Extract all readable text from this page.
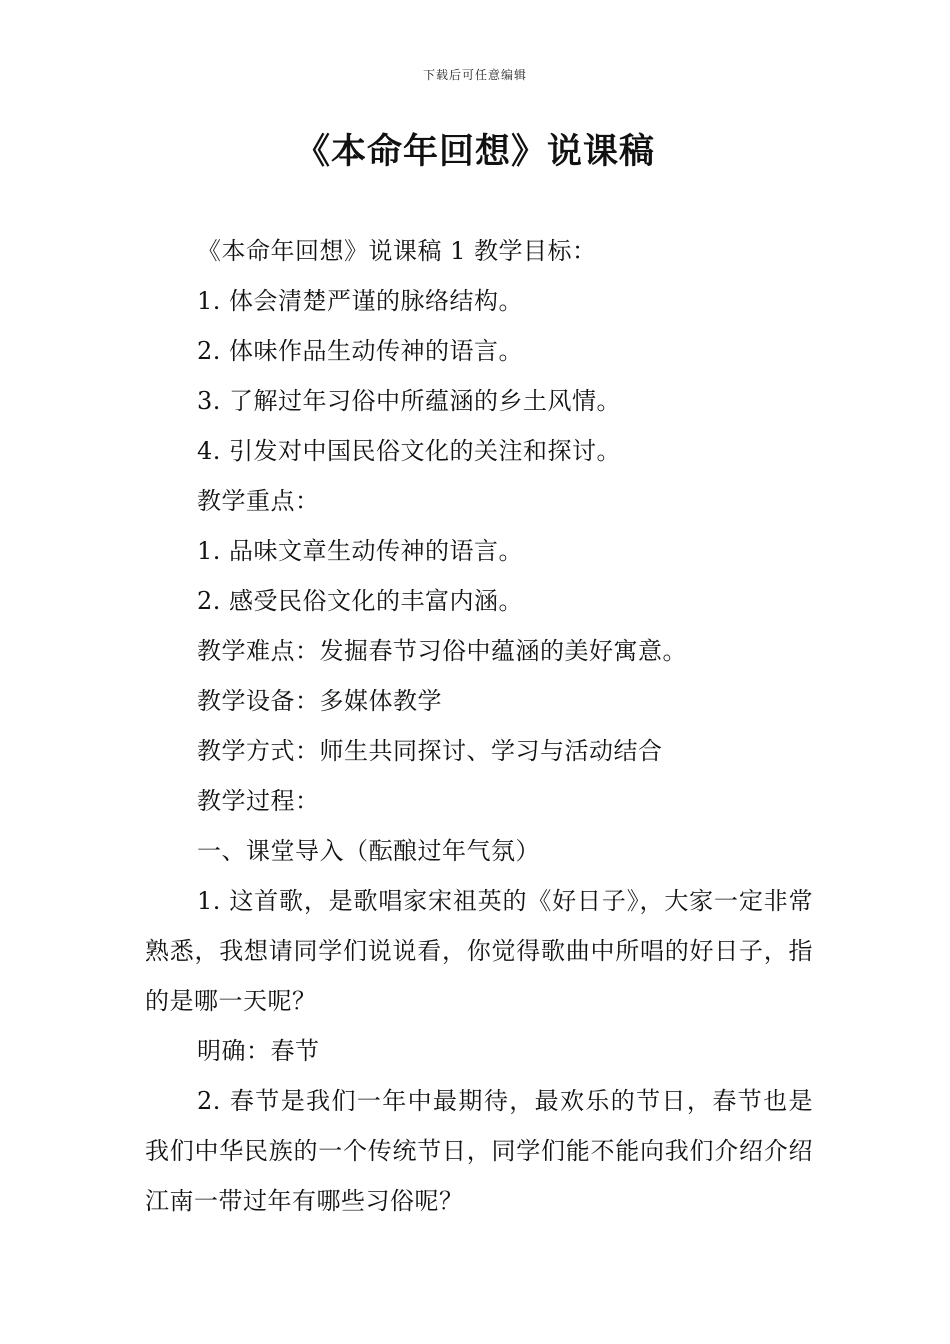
下载后可任意编辑
《本命年回想》说课稿

《本命年回想》说课稿 1 教学目标：

1. 体会清楚严谨的脉络结构。

2. 体味作品生动传神的语言。

3. 了解过年习俗中所蕴涵的乡土风情。

4. 引发对中国民俗文化的关注和探讨。

教学重点：

1. 品味文章生动传神的语言。

2. 感受民俗文化的丰富内涵。

教学难点：发掘春节习俗中蕴涵的美好寓意。

教学设备：多媒体教学

教学方式：师生共同探讨、学习与活动结合

教学过程：

一、课堂导入（酝酿过年气氛）

1. 这首歌，是歌唱家宋祖英的《好日子》，大家一定非常熟悉，我想请同学们说说看，你觉得歌曲中所唱的好日子，指的是哪一天呢？

明确：春节

2. 春节是我们一年中最期待，最欢乐的节日，春节也是我们中华民族的一个传统节日，同学们能不能向我们介绍介绍江南一带过年有哪些习俗呢？
